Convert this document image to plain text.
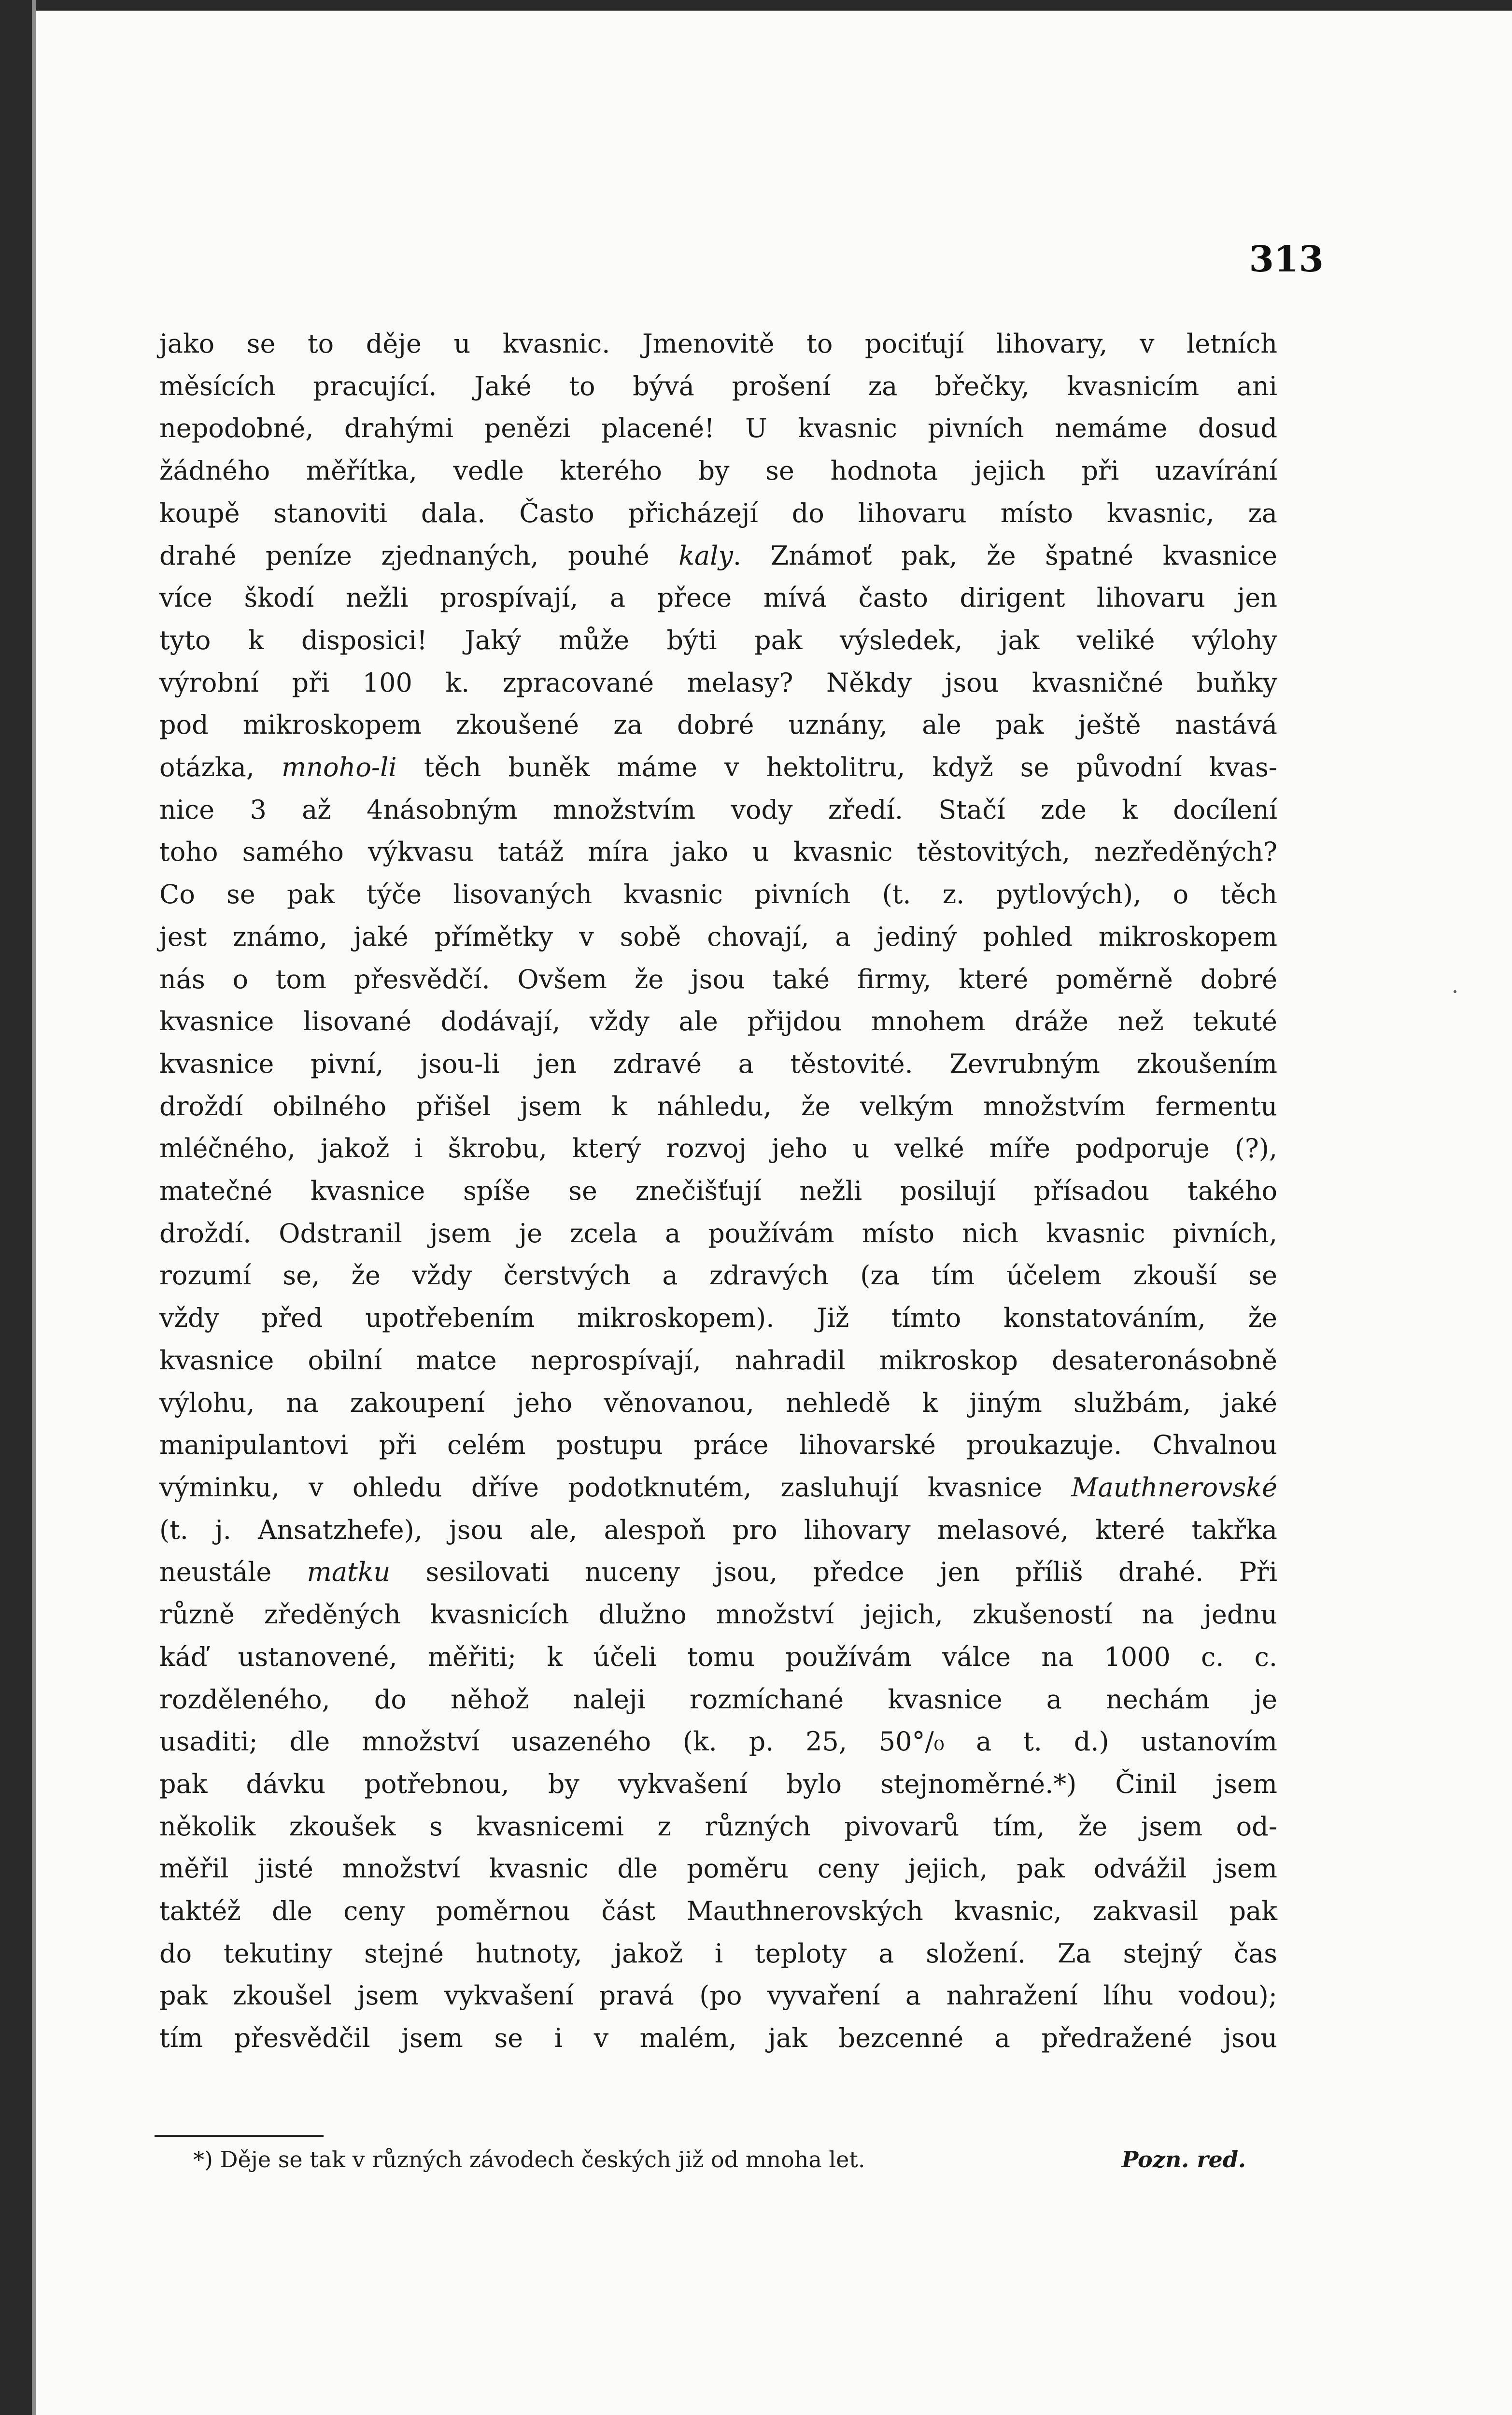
313
jako se to děje u kvasnic. Jmenovitě to pociťují lihovary, v letních
měsících pracující. Jaké to bývá prošení za břečky, kvasnicím ani
nepodobné, drahými penězi placené! U kvasnic pivních nemáme dosud
žádného měřítka, vedle kterého by se hodnota jejich při uzavírání
koupě stanoviti dala. Často přicházejí do lihovaru místo kvasnic, za
drahé peníze zjednaných, pouhé kaly. Známoť pak, že špatné kvasnice
více škodí nežli prospívají, a přece mívá často dirigent lihovaru jen
tyto k disposici! Jaký může býti pak výsledek, jak veliké výlohy
výrobní při 100 k. zpracované melasy? Někdy jsou kvasničné buňky
pod mikroskopem zkoušené za dobré uznány, ale pak ještě nastává
otázka, mnoho-li těch buněk máme v hektolitru, když se původní kvas-
nice 3 až 4násobným množstvím vody zředí. Stačí zde k docílení
toho samého výkvasu tatáž míra jako u kvasnic těstovitých, nezředěných?
Co se pak týče lisovaných kvasnic pivních (t. z. pytlových), o těch
jest známo, jaké přímětky v sobě chovají, a jediný pohled mikroskopem
nás o tom přesvědčí. Ovšem že jsou také firmy, které poměrně dobré
kvasnice lisované dodávají, vždy ale přijdou mnohem dráže než tekuté
kvasnice pivní, jsou-li jen zdravé a těstovité. Zevrubným zkoušením
droždí obilného přišel jsem k náhledu, že velkým množstvím fermentu
mléčného, jakož i škrobu, který rozvoj jeho u velké míře podporuje (?),
matečné kvasnice spíše se znečišťují nežli posilují přísadou takého
droždí. Odstranil jsem je zcela a používám místo nich kvasnic pivních,
rozumí se, že vždy čerstvých a zdravých (za tím účelem zkouší se
vždy před upotřebením mikroskopem). Již tímto konstatováním, že
kvasnice obilní matce neprospívají, nahradil mikroskop desateronásobně
výlohu, na zakoupení jeho věnovanou, nehledě k jiným službám, jaké
manipulantovi při celém postupu práce lihovarské proukazuje. Chvalnou
výminku, v ohledu dříve podotknutém, zasluhují kvasnice Mauthnerovské
(t. j. Ansatzhefe), jsou ale, alespoň pro lihovary melasové, které takřka
neustále matku sesilovati nuceny jsou, předce jen příliš drahé. Při
různě zředěných kvasnicích dlužno množství jejich, zkušeností na jednu
káď ustanovené, měřiti; k účeli tomu používám válce na 1000 c. c.
rozděleného, do něhož naleji rozmíchané kvasnice a nechám je
usaditi; dle množství usazeného (k. p. 25, 50°/₀ a t. d.) ustanovím
pak dávku potřebnou, by vykvašení bylo stejnoměrné.*) Činil jsem
několik zkoušek s kvasnicemi z různých pivovarů tím, že jsem od-
měřil jisté množství kvasnic dle poměru ceny jejich, pak odvážil jsem
taktéž dle ceny poměrnou část Mauthnerovských kvasnic, zakvasil pak
do tekutiny stejné hutnoty, jakož i teploty a složení. Za stejný čas
pak zkoušel jsem vykvašení pravá (po vyvaření a nahražení líhu vodou);
tím přesvědčil jsem se i v malém, jak bezcenné a předražené jsou
*) Děje se tak v různých závodech českých již od mnoha let.	Pozn. red.
